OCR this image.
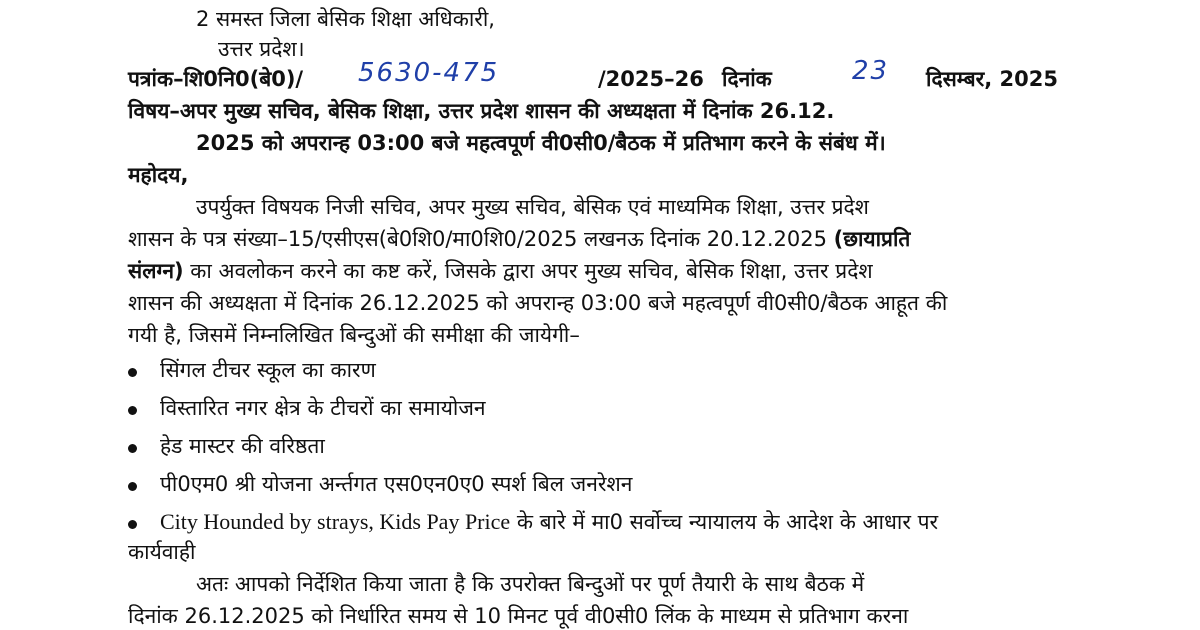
2 समस्त जिला बेसिक शिक्षा अधिकारी,
उत्तर प्रदेश।
पत्रांक–शि0नि0(बे0)/ 5630-475	/2025–26 दिनांक	23 दिसम्बर, 2025
विषय–अपर मुख्य सचिव, बेसिक शिक्षा, उत्तर प्रदेश शासन की अध्यक्षता में दिनांक 26.12.
2025 को अपरान्ह 03:00 बजे महत्वपूर्ण वी0सी0/बैठक में प्रतिभाग करने के संबंध में।
महोदय,
उपर्युक्त विषयक निजी सचिव, अपर मुख्य सचिव, बेसिक एवं माध्यमिक शिक्षा, उत्तर प्रदेश
शासन के पत्र संख्या–15/एसीएस(बे0शि0/मा0शि0/2025 लखनऊ दिनांक 20.12.2025 (छायाप्रति
संलग्न) का अवलोकन करने का कष्ट करें, जिसके द्वारा अपर मुख्य सचिव, बेसिक शिक्षा, उत्तर प्रदेश
शासन की अध्यक्षता में दिनांक 26.12.2025 को अपरान्ह 03:00 बजे महत्वपूर्ण वी0सी0/बैठक आहूत की
गयी है, जिसमें निम्नलिखित बिन्दुओं की समीक्षा की जायेगी–
सिंगल टीचर स्कूल का कारण
विस्तारित नगर क्षेत्र के टीचरों का समायोजन
हेड मास्टर की वरिष्ठता
पी0एम0 श्री योजना अर्न्तगत एस0एन0ए0 स्पर्श बिल जनरेशन
City Hounded by strays, Kids Pay Price के बारे में मा0 सर्वोच्च न्यायालय के आदेश के आधार पर
कार्यवाही
अतः आपको निर्देशित किया जाता है कि उपरोक्त बिन्दुओं पर पूर्ण तैयारी के साथ बैठक में
दिनांक 26.12.2025 को निर्धारित समय से 10 मिनट पूर्व वी0सी0 लिंक के माध्यम से प्रतिभाग करना
